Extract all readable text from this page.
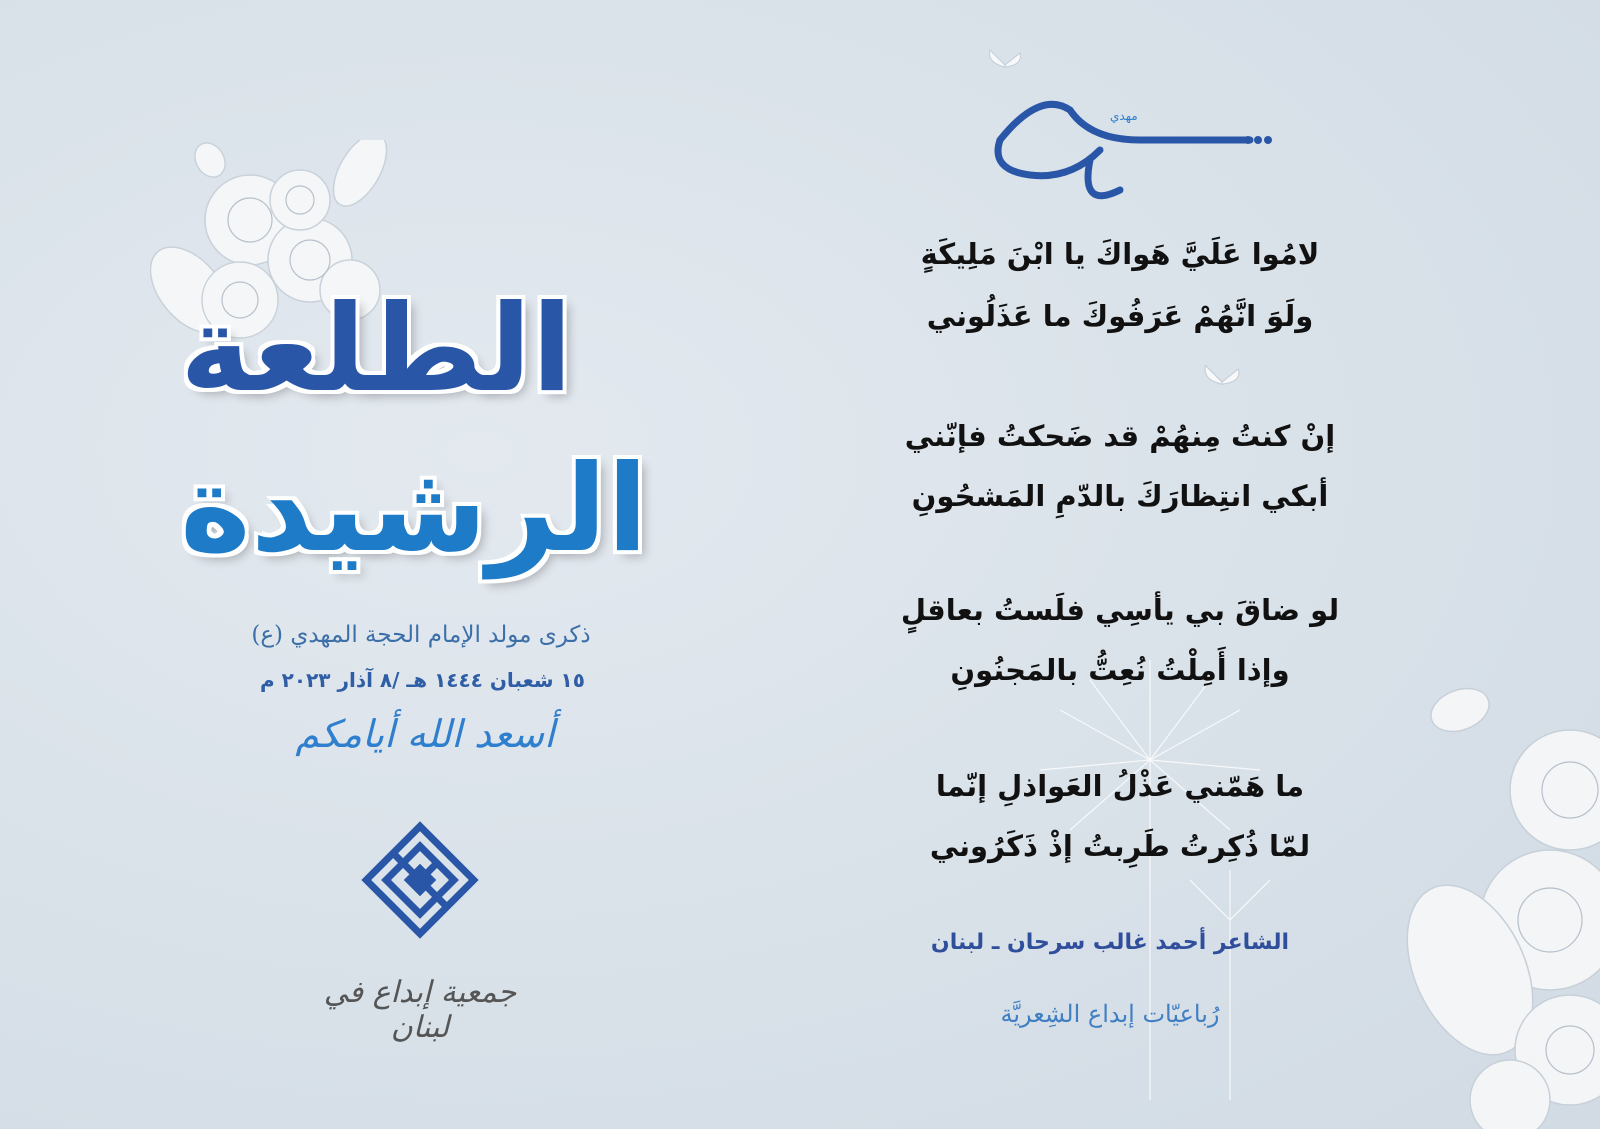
الطلعة
الرشيدة
ذكرى مولد الإمام الحجة المهدي (ع)
١٥ شعبان ١٤٤٤ هـ /٨ آذار ٢٠٢٣ م
أسعد الله أيامكم
جمعية إبداع في لبنان
مهدي
لامُوا عَلَيَّ هَواكَ يا ابْنَ مَلِيكَةٍ
ولَوَ انَّهُمْ عَرَفُوكَ ما عَذَلُوني
إنْ كنتُ مِنهُمْ قد ضَحكتُ فإنّني
أبكي انتِظارَكَ بالدّمِ المَشحُونِ
لو ضاقَ بي يأسِي فلَستُ بعاقلٍ
وإذا أَمِلْتُ نُعِتُّ بالمَجنُونِ
ما هَمّني عَذْلُ العَواذلِ إنّما
لمّا ذُكِرتُ طَرِبتُ إذْ ذَكَرُوني
الشاعر أحمد غالب سرحان ـ لبنان
رُباعيّات إبداع الشِعريَّة
